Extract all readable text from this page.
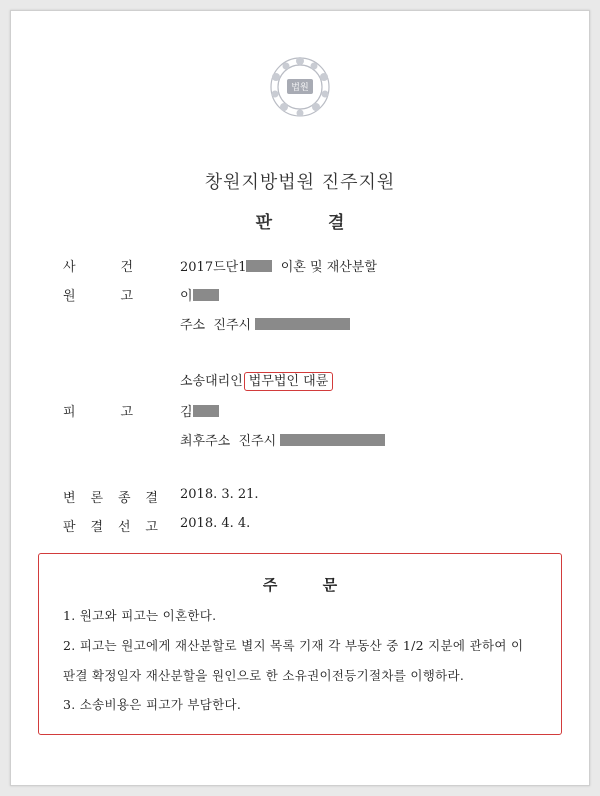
법원
창원지방법원 진주지원
판 결
사	건	2017드단1	이혼 및 재산분할
원	고	이
주소 진주시
소송대리인 법무법인 대륜
피	고	김
최후주소 진주시
변 론 종 결 2018. 3. 21.
판 결 선 고 2018. 4. 4.
주 문
1. 원고와 피고는 이혼한다.
2. 피고는 원고에게 재산분할로 별지 목록 기재 각 부동산 중 1/2 지분에 관하여 이
판결 확정일자 재산분할을 원인으로 한 소유권이전등기절차를 이행하라.
3. 소송비용은 피고가 부담한다.
